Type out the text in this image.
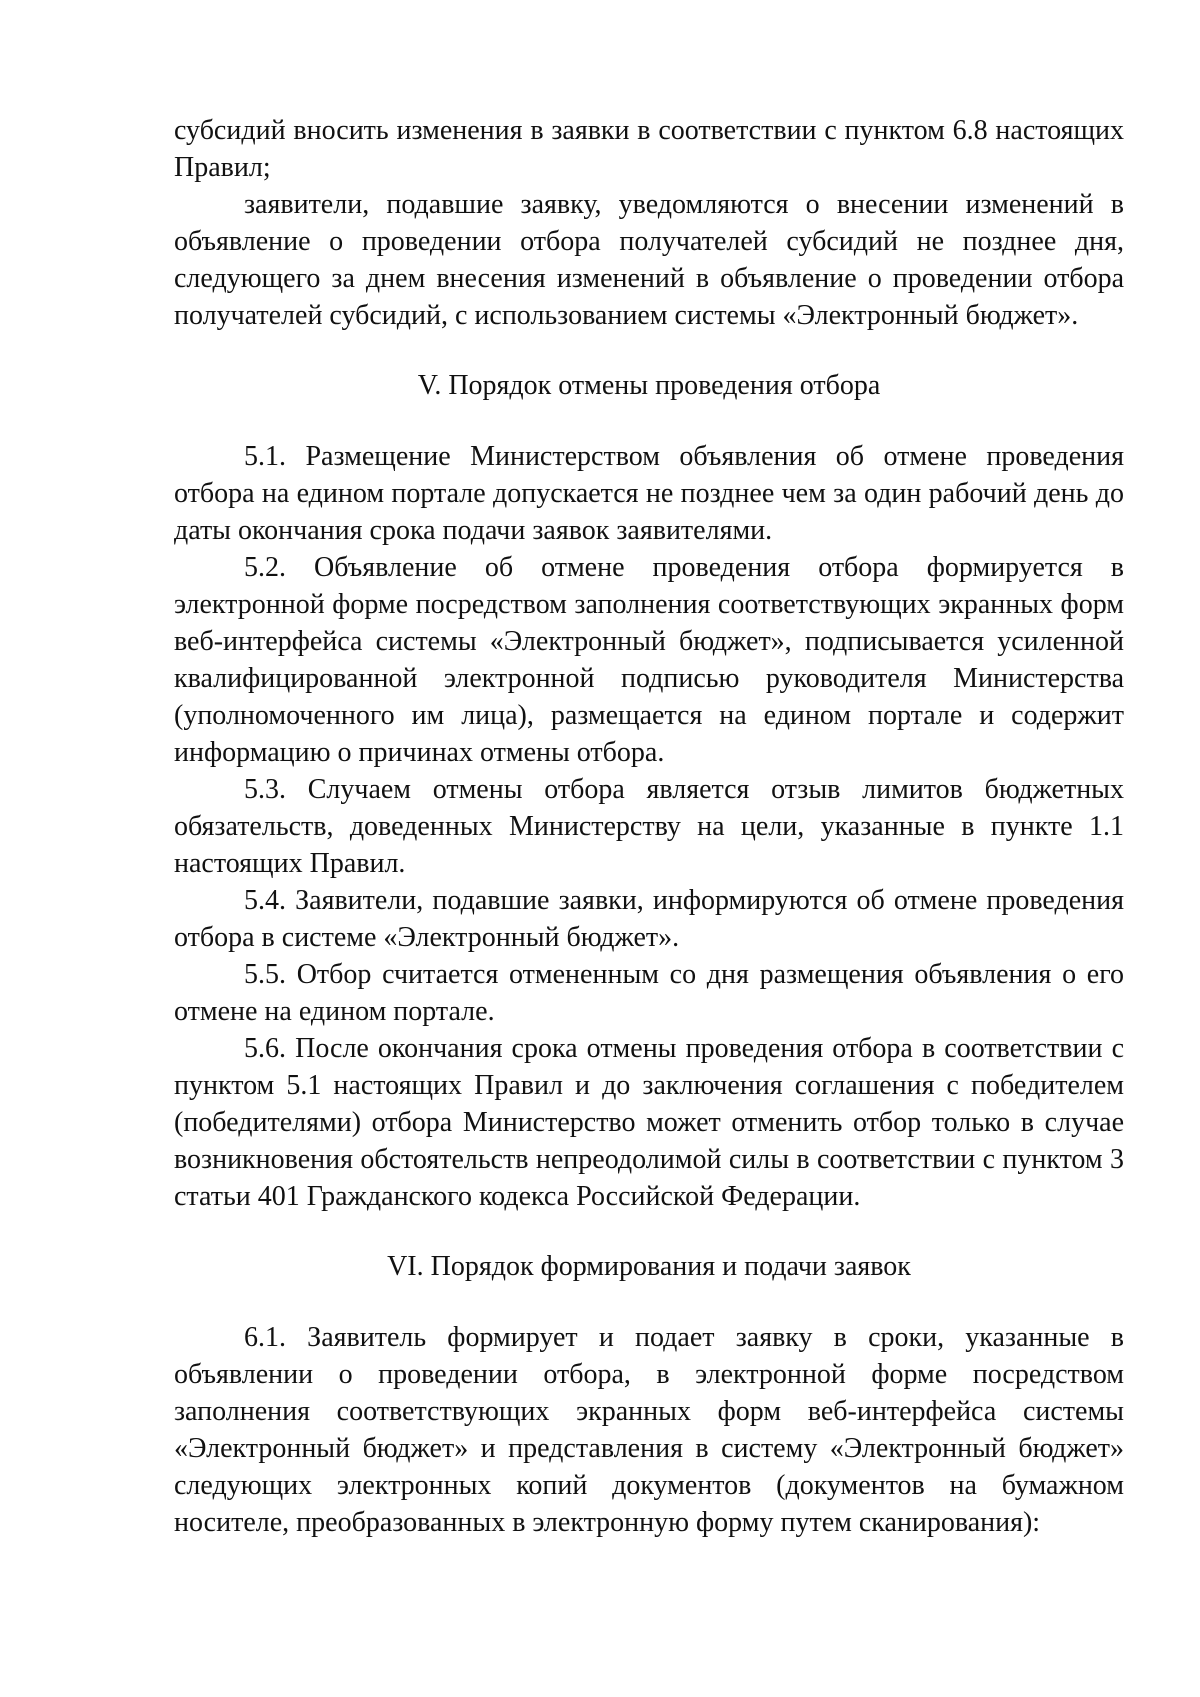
субсидий вносить изменения в заявки в соответствии с пунктом 6.8 настоящих Правил;

заявители, подавшие заявку, уведомляются о внесении изменений в объявление о проведении отбора получателей субсидий не позднее дня, следующего за днем внесения изменений в объявление о проведении отбора получателей субсидий, с использованием системы «Электронный бюджет».

V. Порядок отмены проведения отбора

5.1. Размещение Министерством объявления об отмене проведения отбора на едином портале допускается не позднее чем за один рабочий день до даты окончания срока подачи заявок заявителями.

5.2. Объявление об отмене проведения отбора формируется в электронной форме посредством заполнения соответствующих экранных форм веб-интерфейса системы «Электронный бюджет», подписывается усиленной квалифицированной электронной подписью руководителя Министерства (уполномоченного им лица), размещается на едином портале и содержит информацию о причинах отмены отбора.

5.3. Случаем отмены отбора является отзыв лимитов бюджетных обязательств, доведенных Министерству на цели, указанные в пункте 1.1 настоящих Правил.

5.4. Заявители, подавшие заявки, информируются об отмене проведения отбора в системе «Электронный бюджет».

5.5. Отбор считается отмененным со дня размещения объявления о его отмене на едином портале.

5.6. После окончания срока отмены проведения отбора в соответствии с пунктом 5.1 настоящих Правил и до заключения соглашения с победителем (победителями) отбора Министерство может отменить отбор только в случае возникновения обстоятельств непреодолимой силы в соответствии с пунктом 3 статьи 401 Гражданского кодекса Российской Федерации.

VI. Порядок формирования и подачи заявок

6.1. Заявитель формирует и подает заявку в сроки, указанные в объявлении о проведении отбора, в электронной форме посредством заполнения соответствующих экранных форм веб-интерфейса системы «Электронный бюджет» и представления в систему «Электронный бюджет» следующих электронных копий документов (документов на бумажном носителе, преобразованных в электронную форму путем сканирования):
